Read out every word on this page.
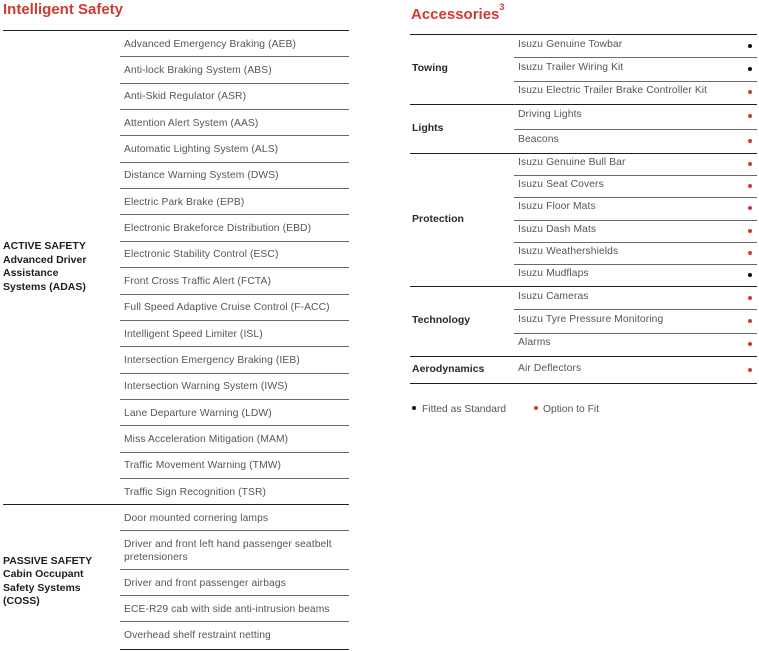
Intelligent Safety	Accessories$^3$
Advanced Emergency Braking (AEB)
Anti-lock Braking System (ABS)
Anti-Skid Regulator (ASR)
Attention Alert System (AAS)
Automatic Lighting System (ALS)
Distance Warning System (DWS)
Electric Park Brake (EPB)
Electronic Brakeforce Distribution (EBD)
Electronic Stability Control (ESC)
Front Cross Traffic Alert (FCTA)
Full Speed Adaptive Cruise Control (F-ACC)
Intelligent Speed Limiter (ISL)
Intersection Emergency Braking (IEB)
Intersection Warning System (IWS)
Lane Departure Warning (LDW)
Miss Acceleration Mitigation (MAM)
Traffic Movement Warning (TMW)
Traffic Sign Recognition (TSR)
ACTIVE SAFETY
Advanced Driver
Assistance
Systems (ADAS)
Door mounted cornering lamps
Driver and front left hand passenger seatbelt pretensioners
Driver and front passenger airbags
ECE-R29 cab with side anti-intrusion beams
Overhead shelf restraint netting
PASSIVE SAFETY
Cabin Occupant
Safety Systems
(COSS)
Isuzu Genuine Towbar
Isuzu Trailer Wiring Kit
Isuzu Electric Trailer Brake Controller Kit
Towing
Driving Lights
Beacons
Lights
Isuzu Genuine Bull Bar
Isuzu Seat Covers
Isuzu Floor Mats
Isuzu Dash Mats
Isuzu Weathershields
Isuzu Mudflaps
Protection
Isuzu Cameras
Isuzu Tyre Pressure Monitoring
Alarms
Technology
Air Deflectors
Aerodynamics
Fitted as Standard	Option to Fit
